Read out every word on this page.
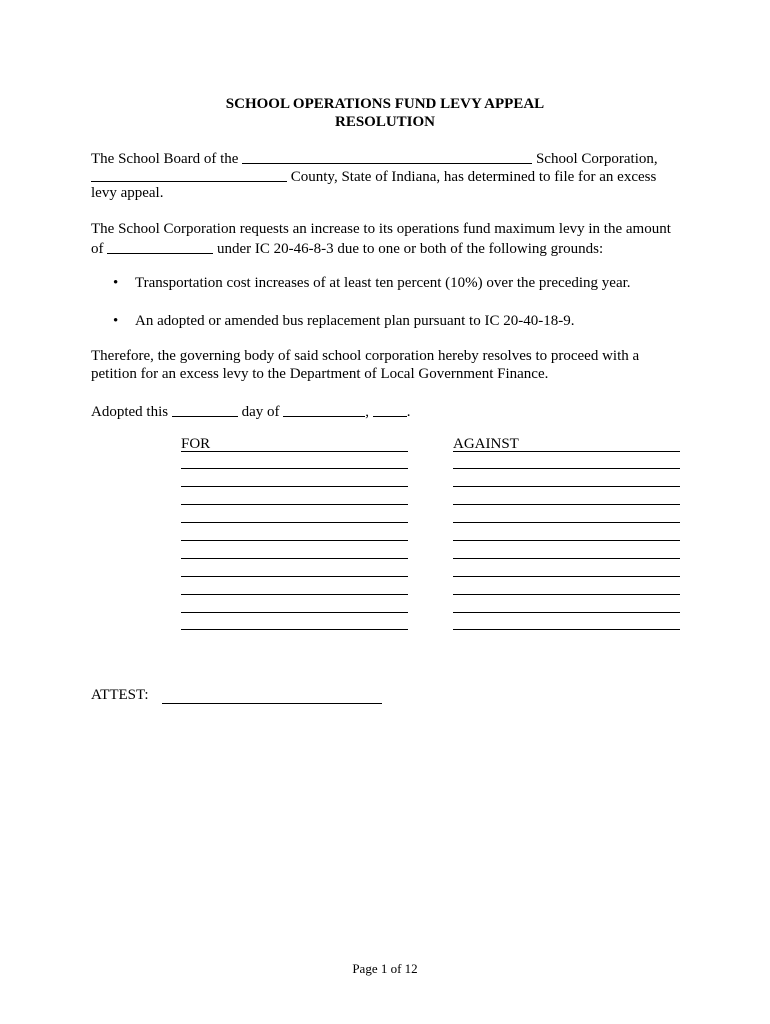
SCHOOL OPERATIONS FUND LEVY APPEAL
RESOLUTION
The School Board of the	School Corporation,
County, State of Indiana, has determined to file for an excess
levy appeal.
The School Corporation requests an increase to its operations fund maximum levy in the amount
of	under IC 20-46-8-3 due to one or both of the following grounds:
• Transportation cost increases of at least ten percent (10%) over the preceding year.
• An adopted or amended bus replacement plan pursuant to IC 20-40-18-9.
Therefore, the governing body of said school corporation hereby resolves to proceed with a
petition for an excess levy to the Department of Local Government Finance.
Adopted this	day of	,	.
FOR	AGAINST
ATTEST:
Page 1 of 12
